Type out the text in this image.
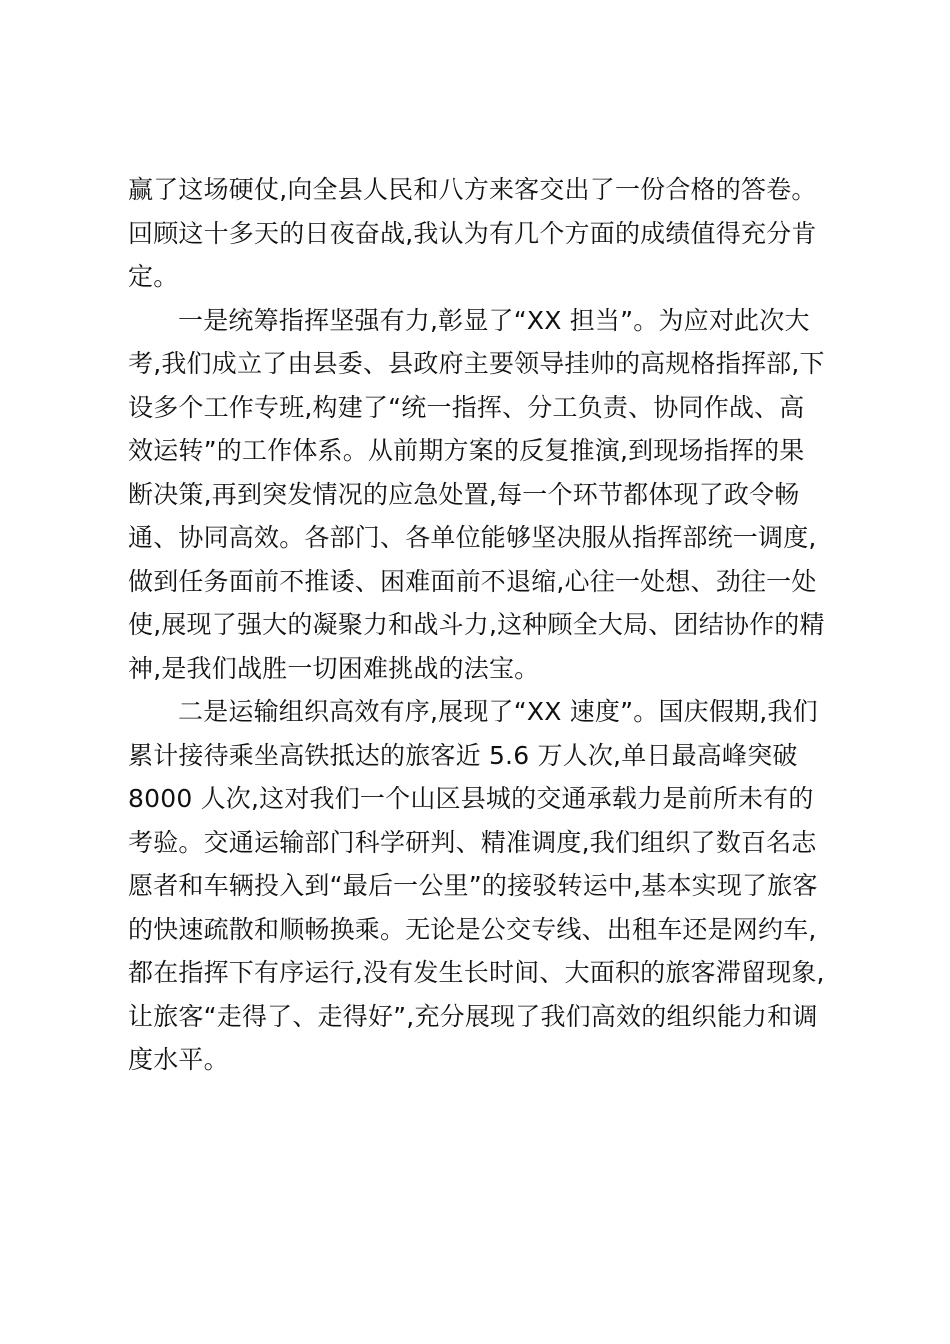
赢了这场硬仗,向全县人民和八方来客交出了一份合格的答卷。
回顾这十多天的日夜奋战,我认为有几个方面的成绩值得充分肯
定。
一是统筹指挥坚强有力,彰显了“XX 担当”。为应对此次大
考,我们成立了由县委、县政府主要领导挂帅的高规格指挥部,下
设多个工作专班,构建了“统一指挥、分工负责、协同作战、高
效运转”的工作体系。从前期方案的反复推演,到现场指挥的果
断决策,再到突发情况的应急处置,每一个环节都体现了政令畅
通、协同高效。各部门、各单位能够坚决服从指挥部统一调度,
做到任务面前不推诿、困难面前不退缩,心往一处想、劲往一处
使,展现了强大的凝聚力和战斗力,这种顾全大局、团结协作的精
神,是我们战胜一切困难挑战的法宝。
二是运输组织高效有序,展现了“XX 速度”。国庆假期,我们
累计接待乘坐高铁抵达的旅客近 5.6 万人次,单日最高峰突破
8000 人次,这对我们一个山区县城的交通承载力是前所未有的
考验。交通运输部门科学研判、精准调度,我们组织了数百名志
愿者和车辆投入到“最后一公里”的接驳转运中,基本实现了旅客
的快速疏散和顺畅换乘。无论是公交专线、出租车还是网约车,
都在指挥下有序运行,没有发生长时间、大面积的旅客滞留现象,
让旅客“走得了、走得好”,充分展现了我们高效的组织能力和调
度水平。
